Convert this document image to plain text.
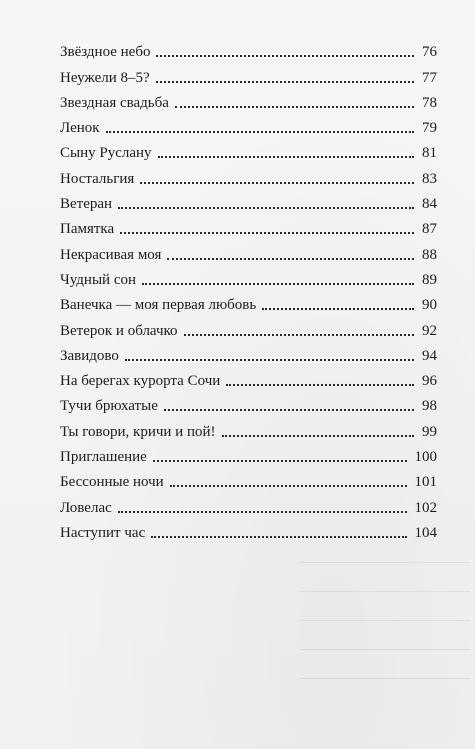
Звёздное небо	76
Неужели 8–5?	77
Звездная свадьба	78
Ленок	79
Сыну Руслану	81
Ностальгия	83
Ветеран	84
Памятка	87
Некрасивая моя	88
Чудный сон	89
Ванечка — моя первая любовь	90
Ветерок и облачко	92
Завидово	94
На берегах курорта Сочи	96
Тучи брюхатые	98
Ты говори, кричи и пой!	99
Приглашение	100
Бессонные ночи	101
Ловелас	102
Наступит час	104
